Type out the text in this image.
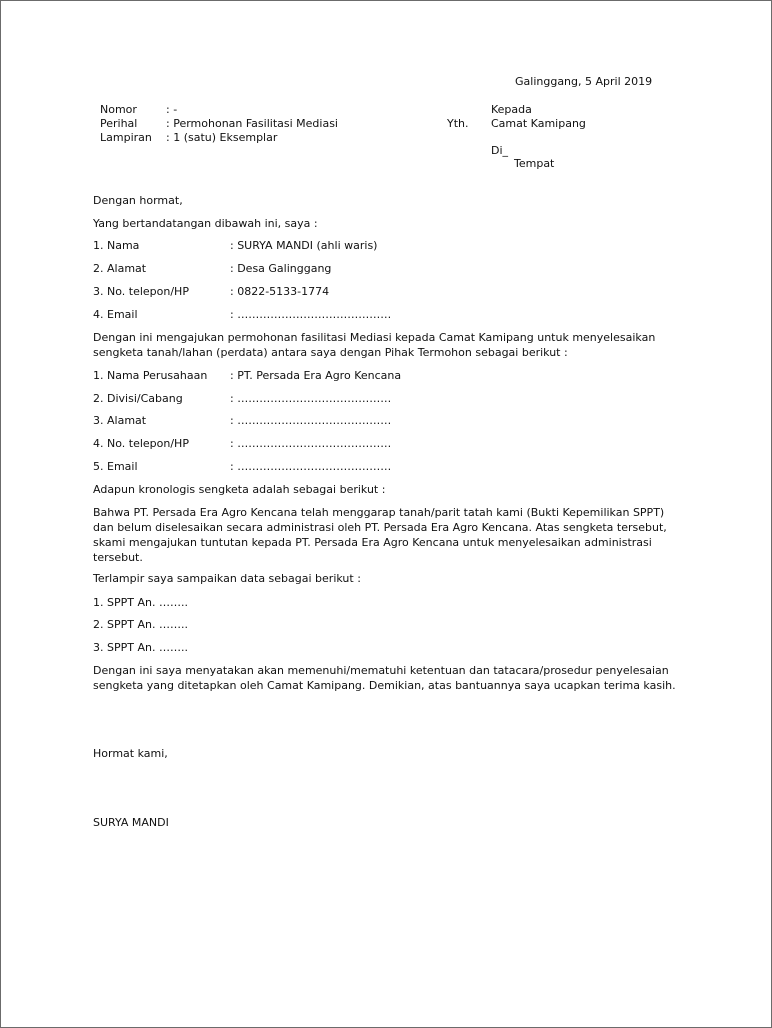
Galinggang, 5 April 2019
Nomor	: -
Perihal	: Permohonan Fasilitasi Mediasi
Lampiran : 1 (satu) Eksemplar
Yth.
Kepada
Camat Kamipang
Di_
Tempat
Dengan hormat,
Yang bertandatangan dibawah ini, saya :
1. Nama	: SURYA MANDI (ahli waris)
2. Alamat	: Desa Galinggang
3. No. telepon/HP	: 0822-5133-1774
4. Email	: ……………………………………
Dengan ini mengajukan permohonan fasilitasi Mediasi kepada Camat Kamipang untuk menyelesaikan
sengketa tanah/lahan (perdata) antara saya dengan Pihak Termohon sebagai berikut :
1. Nama Perusahaan : PT. Persada Era Agro Kencana
2. Divisi/Cabang	: ……………………………………
3. Alamat	: ……………………………………
4. No. telepon/HP	: ……………………………………
5. Email	: ……………………………………
Adapun kronologis sengketa adalah sebagai berikut :
Bahwa PT. Persada Era Agro Kencana telah menggarap tanah/parit tatah kami (Bukti Kepemilikan SPPT)
dan belum diselesaikan secara administrasi oleh PT. Persada Era Agro Kencana. Atas sengketa tersebut,
skami mengajukan tuntutan kepada PT. Persada Era Agro Kencana untuk menyelesaikan administrasi
tersebut.
Terlampir saya sampaikan data sebagai berikut :
1. SPPT An. ……..
2. SPPT An. ……..
3. SPPT An. ……..
Dengan ini saya menyatakan akan memenuhi/mematuhi ketentuan dan tatacara/prosedur penyelesaian
sengketa yang ditetapkan oleh Camat Kamipang. Demikian, atas bantuannya saya ucapkan terima kasih.
Hormat kami,
SURYA MANDI
